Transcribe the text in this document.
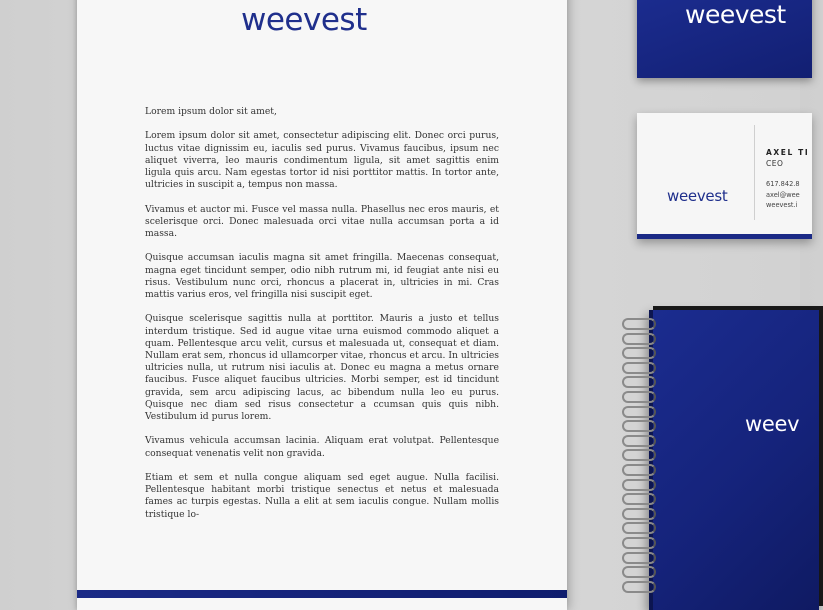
weevest

Lorem ipsum dolor sit amet,

Lorem ipsum dolor sit amet, consectetur adipiscing elit. Donec orci purus, luctus vitae dignissim eu, iaculis sed purus. Vivamus faucibus, ipsum nec aliquet viverra, leo mauris condimentum ligula, sit amet sagittis enim ligula quis arcu. Nam egestas tortor id nisi porttitor mattis. In tortor ante, ultricies in suscipit a, tempus non massa.

Vivamus et auctor mi. Fusce vel massa nulla. Phasellus nec eros mauris, et scelerisque orci. Donec malesuada orci vitae nulla accumsan porta a id massa.

Quisque accumsan iaculis magna sit amet fringilla. Maecenas consequat, magna eget tincidunt semper, odio nibh rutrum mi, id feugiat ante nisi eu risus. Vestibulum nunc orci, rhoncus a placerat in, ultricies in mi. Cras mattis varius eros, vel fringilla nisi suscipit eget.

Quisque scelerisque sagittis nulla at porttitor. Mauris a justo et tellus interdum tristique. Sed id augue vitae urna euismod commodo aliquet a quam. Pellentesque arcu velit, cursus et malesuada ut, consequat et diam. Nullam erat sem, rhoncus id ullamcorper vitae, rhoncus et arcu. In ultricies ultricies nulla, ut rutrum nisi iaculis at. Donec eu magna a metus ornare faucibus. Fusce aliquet faucibus ultricies. Morbi semper, est id tincidunt gravida, sem arcu adipiscing lacus, ac bibendum nulla leo eu purus. Quisque nec diam sed risus consectetur a ccumsan quis quis nibh. Vestibulum id purus lorem.

Vivamus vehicula accumsan lacinia. Aliquam erat volutpat. Pellentesque consequat venenatis velit non gravida.

Etiam et sem et nulla congue aliquam sed eget augue. Nulla facilisi. Pellentesque habitant morbi tristique senectus et netus et malesuada fames ac turpis egestas. Nulla a elit at sem iaculis congue. Nullam mollis tristique lo-

weevest
weevest
AXEL TI
CEO
617.842.8
axel@wee
weevest.i
weev
